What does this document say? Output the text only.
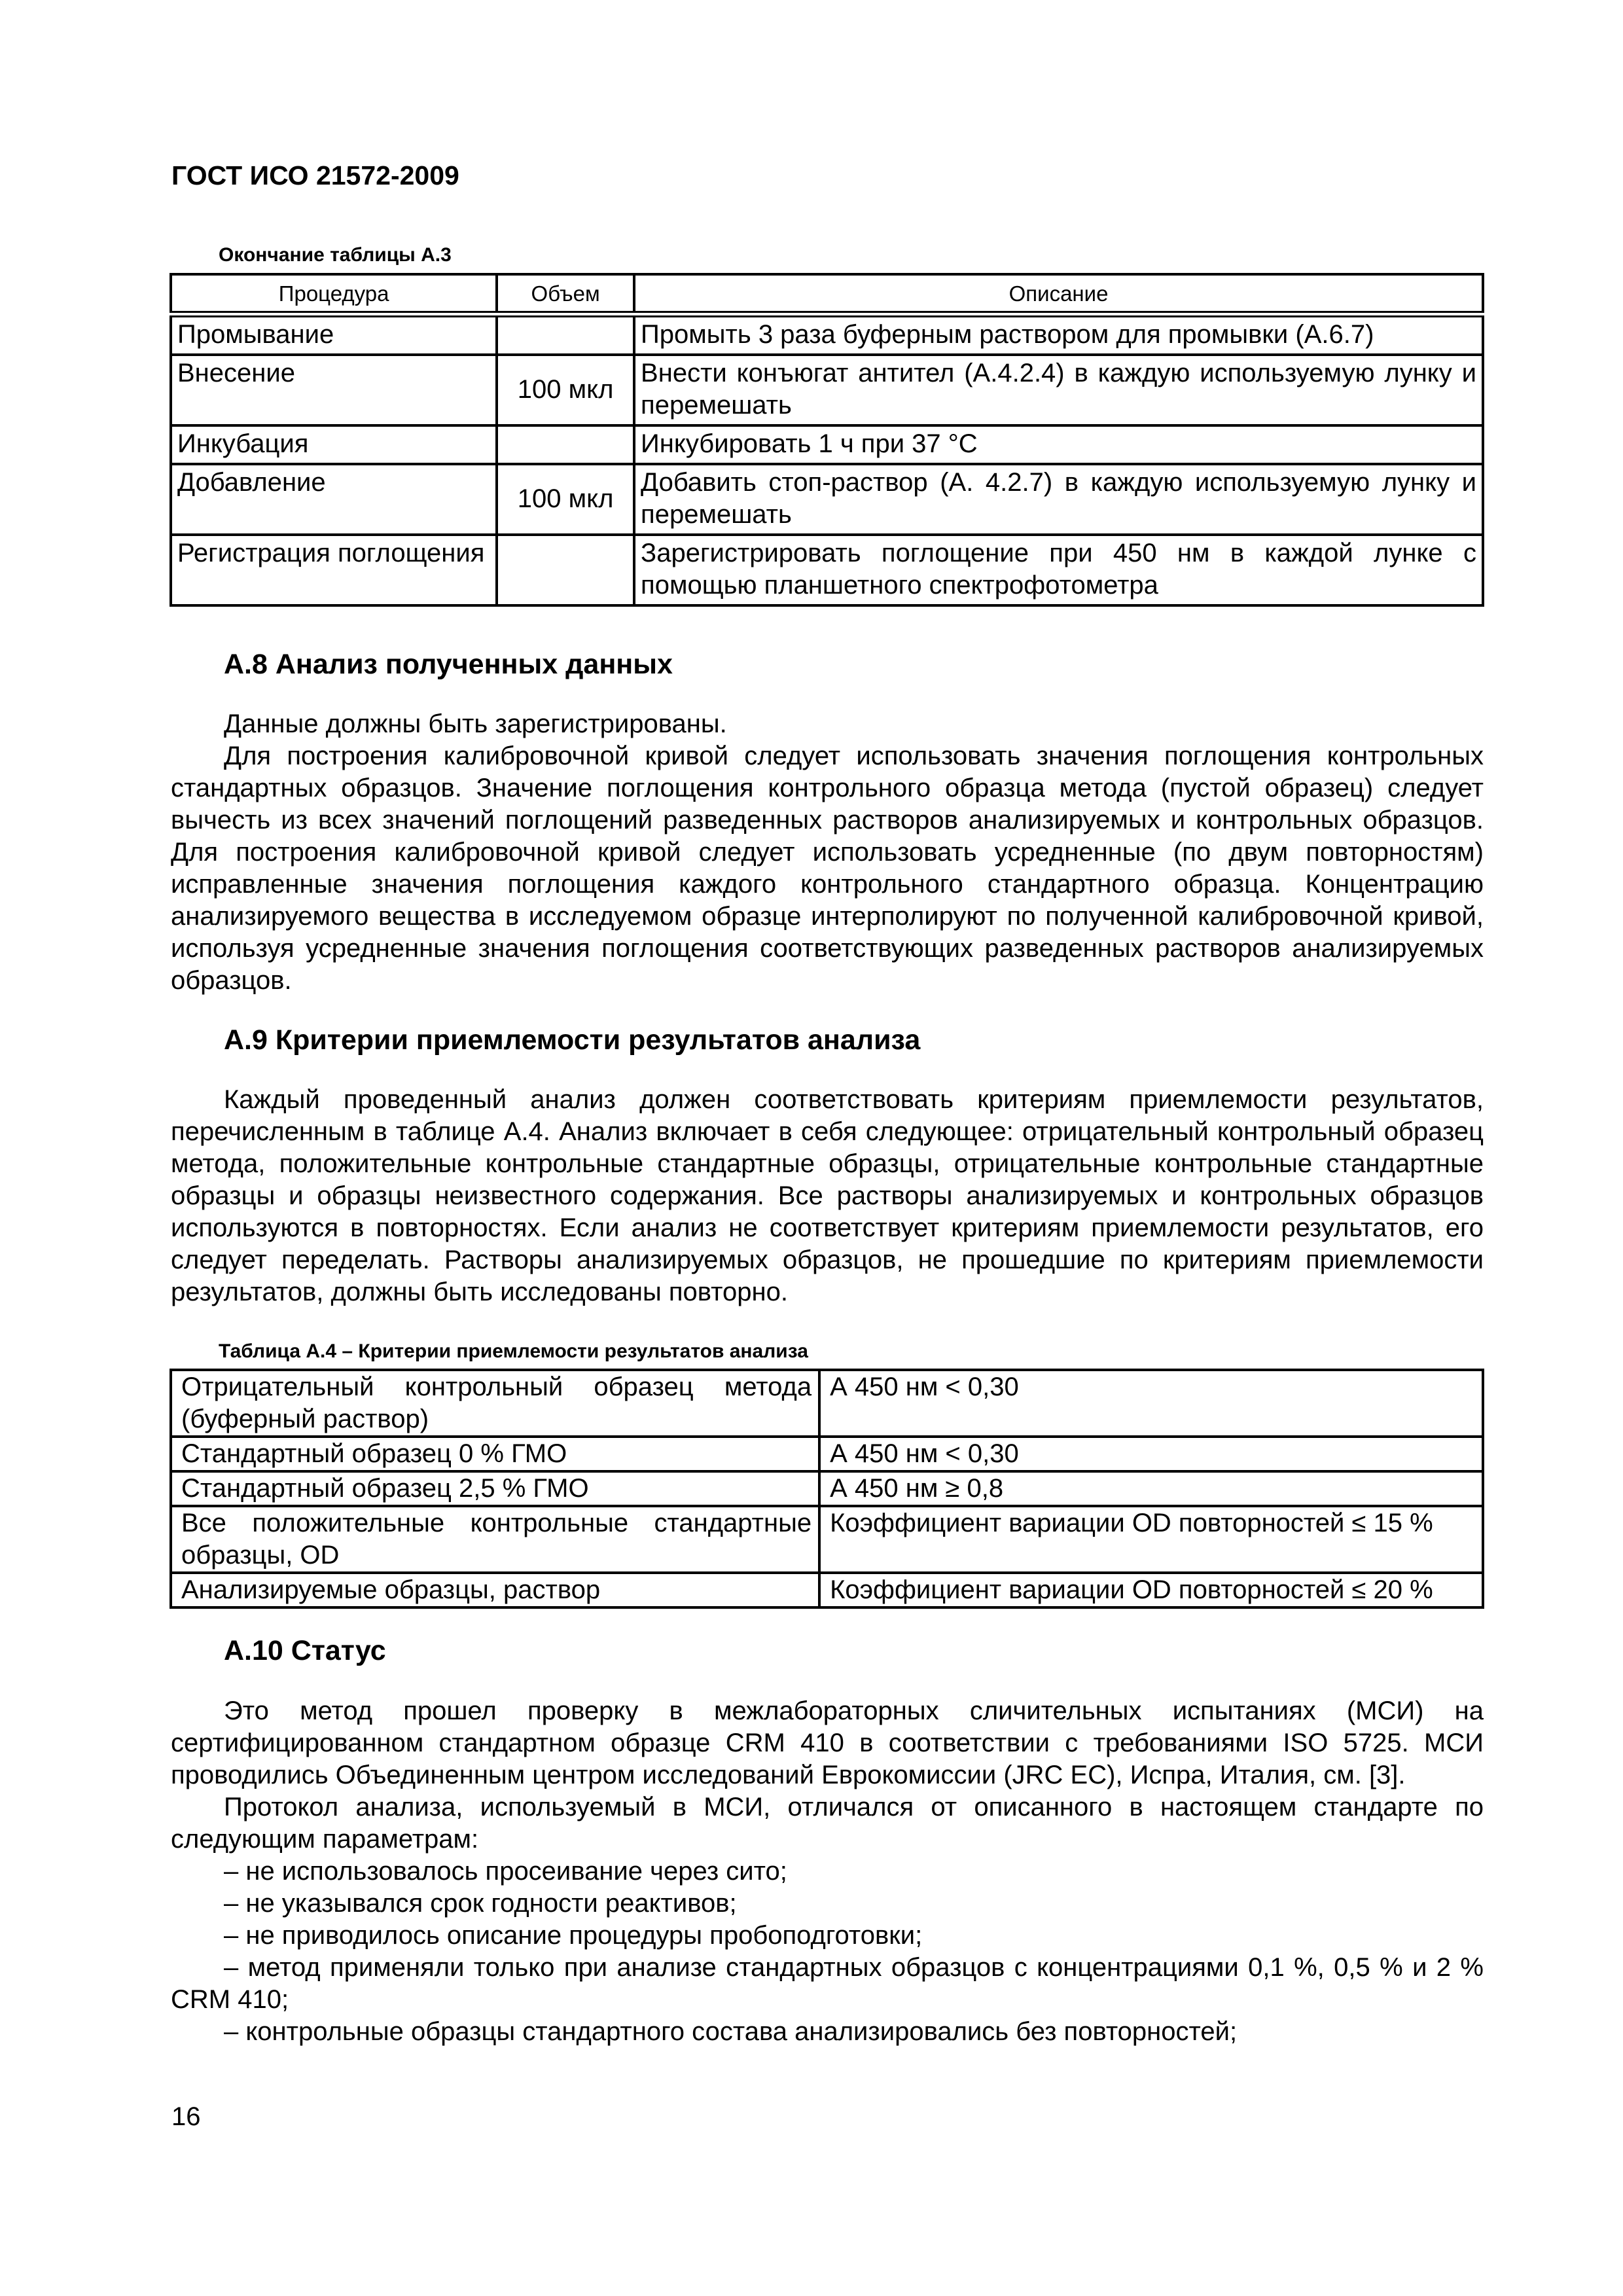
ГОСТ ИСО 21572-2009
Окончание таблицы А.3
Процедура	Объем	Описание
Промывание		Промыть 3 раза буферным раствором для промывки (А.6.7)
Внесение	100 мкл	Внести конъюгат антител (А.4.2.4) в каждую используемую лунку и перемешать
Инкубация		Инкубировать 1 ч при 37 °С
Добавление	100 мкл	Добавить стоп-раствор (А. 4.2.7) в каждую используемую лунку и перемешать
Регистрация поглощения		Зарегистрировать поглощение при 450 нм в каждой лунке с помощью планшетного спектрофотометра
А.8 Анализ полученных данных

Данные должны быть зарегистрированы.

Для построения калибровочной кривой следует использовать значения поглощения контрольных стандартных образцов. Значение поглощения контрольного образца метода (пустой образец) следует вычесть из всех значений поглощений разведенных растворов анализируемых и контрольных образцов. Для построения калибровочной кривой следует использовать усредненные (по двум повторностям) исправленные значения поглощения каждого контрольного стандартного образца. Концентрацию анализируемого вещества в исследуемом образце интерполируют по полученной калибровочной кривой, используя усредненные значения поглощения соответствующих разведенных растворов анализируемых образцов.

А.9 Критерии приемлемости результатов анализа

Каждый проведенный анализ должен соответствовать критериям приемлемости результатов, перечисленным в таблице А.4. Анализ включает в себя следующее: отрицательный контрольный образец метода, положительные контрольные стандартные образцы, отрицательные контрольные стандартные образцы и образцы неизвестного содержания. Все растворы анализируемых и контрольных образцов используются в повторностях. Если анализ не соответствует критериям приемлемости результатов, его следует переделать. Растворы анализируемых образцов, не прошедшие по критериям приемлемости результатов, должны быть исследованы повторно.

Таблица А.4 – Критерии приемлемости результатов анализа
Отрицательный контрольный образец метода (буферный раствор)	А 450 нм < 0,30
Стандартный образец 0 % ГМО	А 450 нм < 0,30
Стандартный образец 2,5 % ГМО	А 450 нм ≥ 0,8
Все положительные контрольные стандартные образцы, OD	Коэффициент вариации OD повторностей ≤ 15 %
Анализируемые образцы, раствор	Коэффициент вариации OD повторностей ≤ 20 %
А.10 Статус

Это метод прошел проверку в межлабораторных сличительных испытаниях (МСИ) на сертифицированном стандартном образце CRM 410 в соответствии с требованиями ISO 5725. МСИ проводились Объединенным центром исследований Еврокомиссии (JRC EC), Испра, Италия, см. [3].

Протокол анализа, используемый в МСИ, отличался от описанного в настоящем стандарте по следующим параметрам:

– не использовалось просеивание через сито;
– не указывался срок годности реактивов;
– не приводилось описание процедуры пробоподготовки;
– метод применяли только при анализе стандартных образцов с концентрациями 0,1 %, 0,5 % и 2 % CRM 410;
– контрольные образцы стандартного состава анализировались без повторностей;
16
